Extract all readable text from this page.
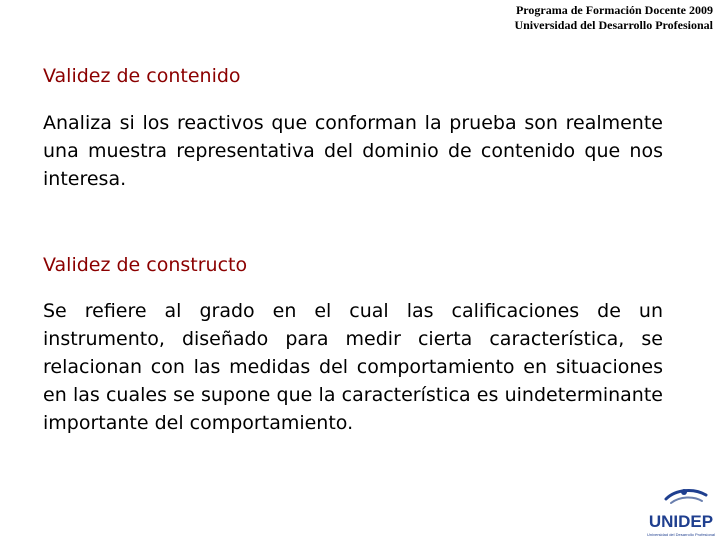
Programa de Formación Docente 2009
Universidad del Desarrollo Profesional
Validez de contenido
Analiza si los reactivos que conforman la prueba son realmente una muestra representativa del dominio de contenido que nos interesa.
Validez de constructo
Se refiere al grado en el cual las calificaciones de un instrumento, diseñado para medir cierta característica, se relacionan con las medidas del comportamiento en situaciones en las cuales se supone que la característica es uindeterminante importante del comportamiento.
UNIDEP
Universidad del Desarrollo Profesional
